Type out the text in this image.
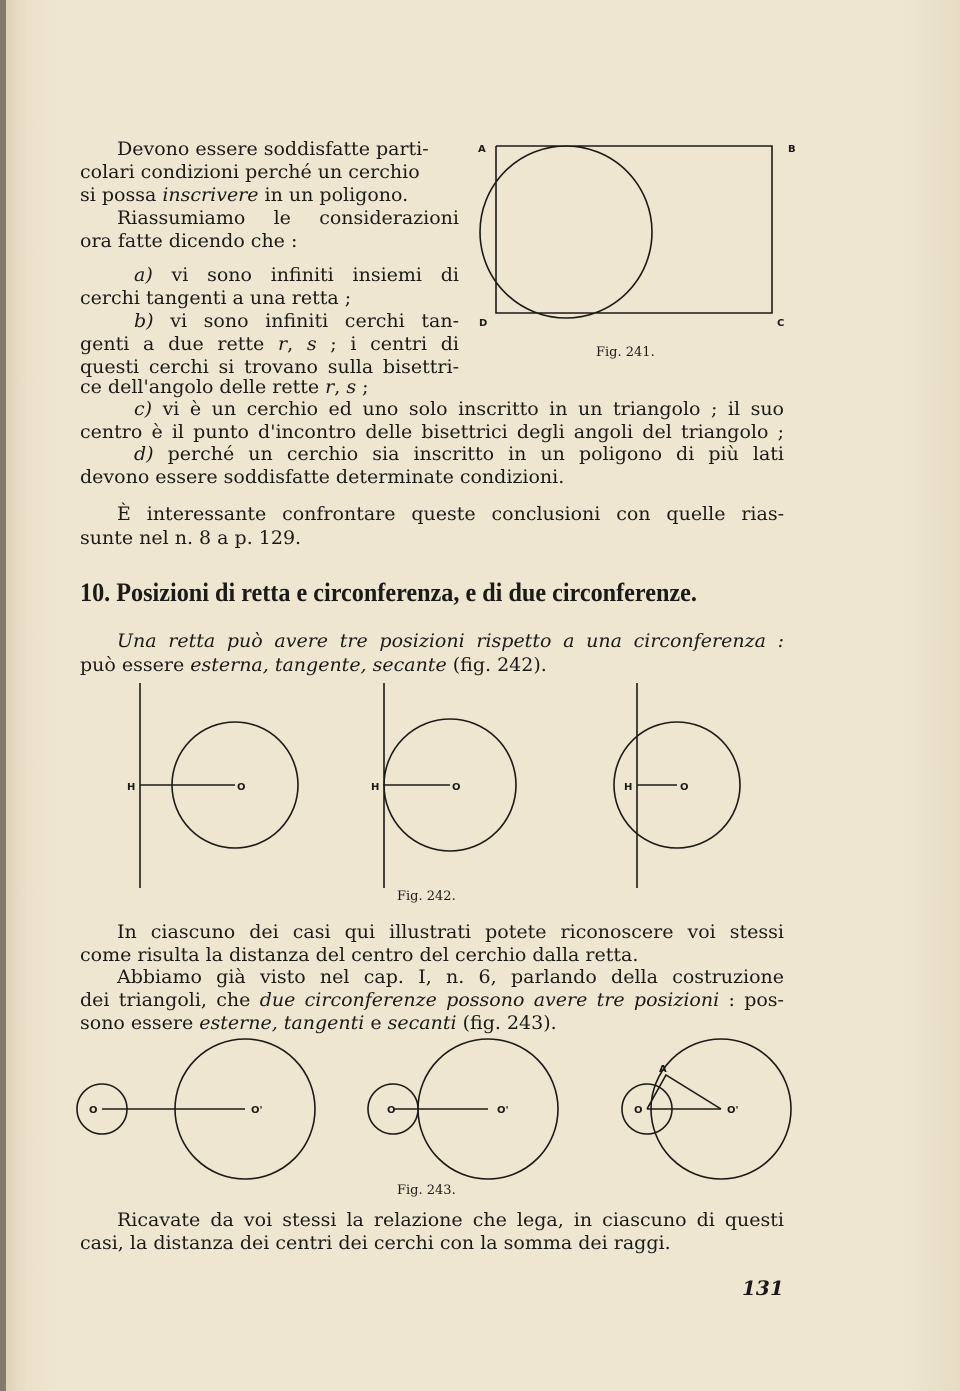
Devono essere soddisfatte parti-
colari condizioni perché un cerchio
si possa inscrivere in un poligono.
Riassumiamo le considerazioni
ora fatte dicendo che :
a) vi sono infiniti insiemi di
cerchi tangenti a una retta ;
b) vi sono infiniti cerchi tan-
genti a due rette r, s ; i centri di
questi cerchi si trovano sulla bisettri-
ce dell'angolo delle rette r, s ;
c) vi è un cerchio ed uno solo inscritto in un triangolo ; il suo
centro è il punto d'incontro delle bisettrici degli angoli del triangolo ;
d) perché un cerchio sia inscritto in un poligono di più lati
devono essere soddisfatte determinate condizioni.
È interessante confrontare queste conclusioni con quelle rias-
sunte nel n. 8 a p. 129.
10. Posizioni di retta e circonferenza, e di due circonferenze.
Una retta può avere tre posizioni rispetto a una circonferenza :
può essere esterna, tangente, secante (fig. 242).
In ciascuno dei casi qui illustrati potete riconoscere voi stessi
come risulta la distanza del centro del cerchio dalla retta.
Abbiamo già visto nel cap. I, n. 6, parlando della costruzione
dei triangoli, che due circonferenze possono avere tre posizioni : pos-
sono essere esterne, tangenti e secanti (fig. 243).
Ricavate da voi stessi la relazione che lega, in ciascuno di questi
casi, la distanza dei centri dei cerchi con la somma dei raggi.
Fig. 241.
Fig. 242.
Fig. 243.
131
A	B
C
D
H	O	H	O	H	O
O	O'	O	O'	O	O'
A
